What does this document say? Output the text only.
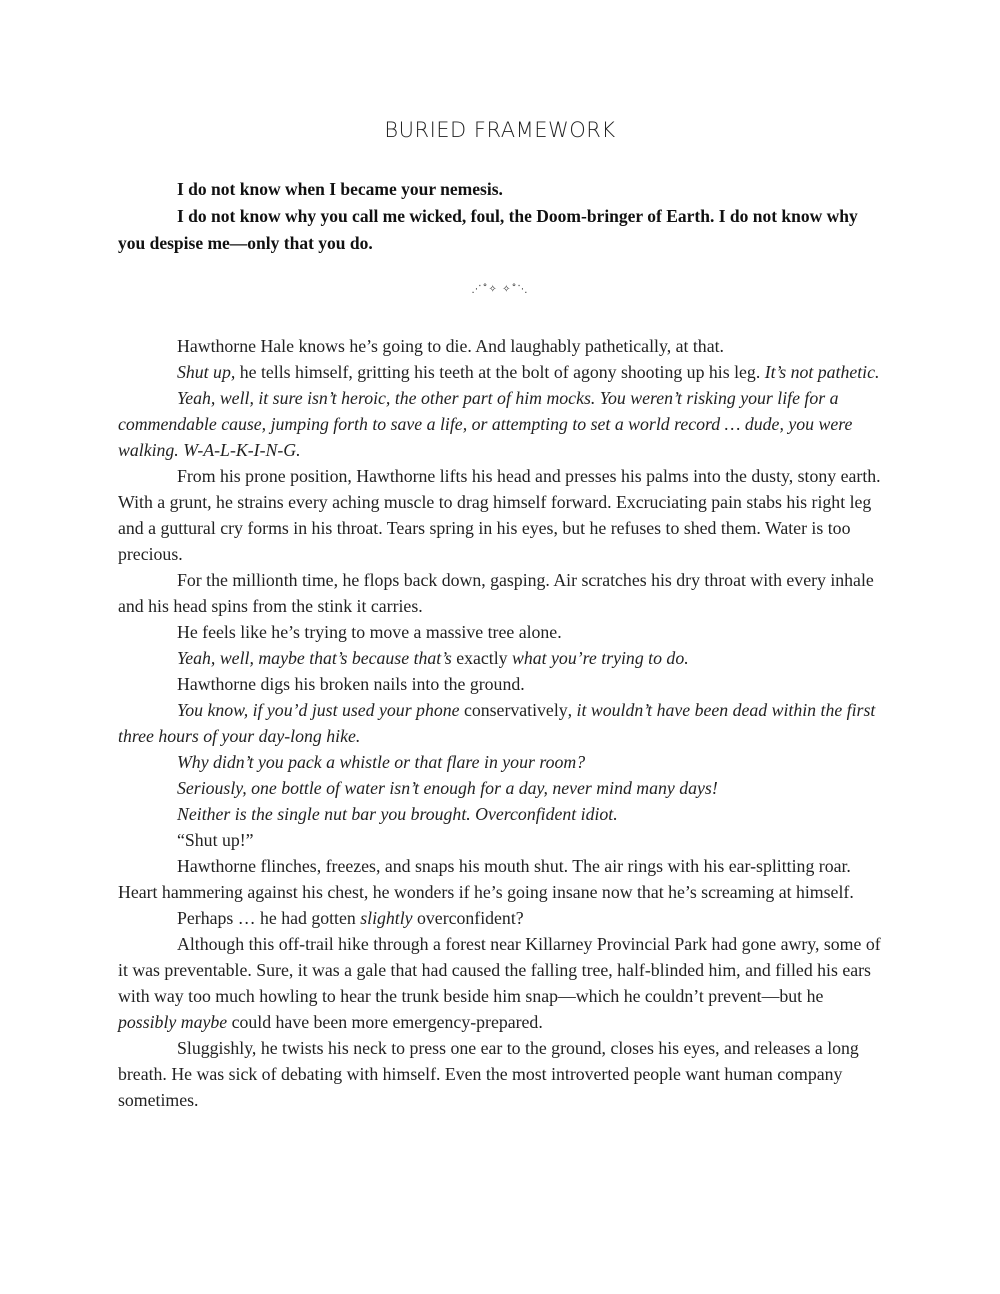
BURIED FRAMEWORK

I do not know when I became your nemesis.

I do not know why you call me wicked, foul, the Doom-bringer of Earth. I do not know why you despise me—only that you do.

⋰˚✧ ✧˚⋱

Hawthorne Hale knows he’s going to die. And laughably pathetically, at that.

Shut up, he tells himself, gritting his teeth at the bolt of agony shooting up his leg. It’s not pathetic.

Yeah, well, it sure isn’t heroic, the other part of him mocks. You weren’t risking your life for a commendable cause, jumping forth to save a life, or attempting to set a world record … dude, you were walking. W-A-L-K-I-N-G.

From his prone position, Hawthorne lifts his head and presses his palms into the dusty, stony earth. With a grunt, he strains every aching muscle to drag himself forward. Excruciating pain stabs his right leg and a guttural cry forms in his throat. Tears spring in his eyes, but he refuses to shed them. Water is too precious.

For the millionth time, he flops back down, gasping. Air scratches his dry throat with every inhale and his head spins from the stink it carries.

He feels like he’s trying to move a massive tree alone.

Yeah, well, maybe that’s because that’s exactly what you’re trying to do.

Hawthorne digs his broken nails into the ground.

You know, if you’d just used your phone conservatively, it wouldn’t have been dead within the first three hours of your day-long hike.

Why didn’t you pack a whistle or that flare in your room?

Seriously, one bottle of water isn’t enough for a day, never mind many days!

Neither is the single nut bar you brought. Overconfident idiot.

“Shut up!”

Hawthorne flinches, freezes, and snaps his mouth shut. The air rings with his ear-splitting roar. Heart hammering against his chest, he wonders if he’s going insane now that he’s screaming at himself.

Perhaps … he had gotten slightly overconfident?

Although this off-trail hike through a forest near Killarney Provincial Park had gone awry, some of it was preventable. Sure, it was a gale that had caused the falling tree, half-blinded him, and filled his ears with way too much howling to hear the trunk beside him snap—which he couldn’t prevent—but he possibly maybe could have been more emergency-prepared.

Sluggishly, he twists his neck to press one ear to the ground, closes his eyes, and releases a long breath. He was sick of debating with himself. Even the most introverted people want human company sometimes.
